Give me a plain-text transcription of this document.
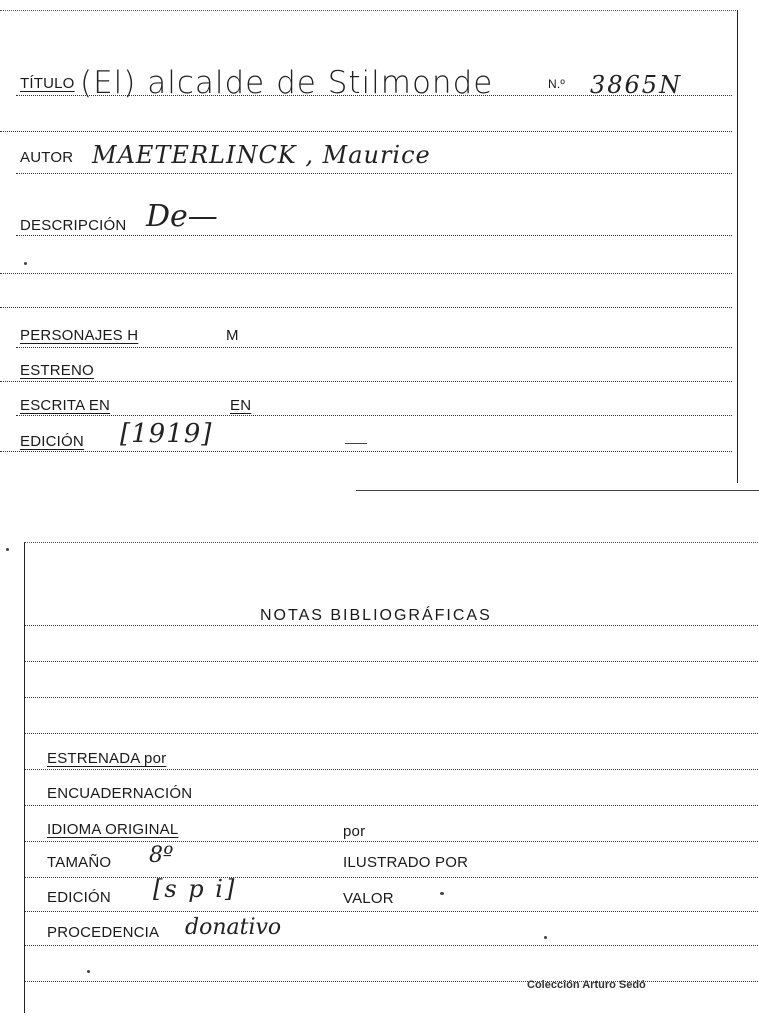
TÍTULO (El) alcalde de Stilmonde	N.º 3865N
AUTOR MAETERLINCK , Maurice
DESCRIPCIÓN De—
PERSONAJES H	M
ESTRENO
ESCRITA EN	EN
EDICIÓN [1919]
NOTAS BIBLIOGRÁFICAS
ESTRENADA por
ENCUADERNACIÓN
IDIOMA ORIGINAL	por
TAMAÑO 8º	ILUSTRADO POR
EDICIÓN [s p i]	VALOR
PROCEDENCIA donativo
Colección Arturo Sedó
